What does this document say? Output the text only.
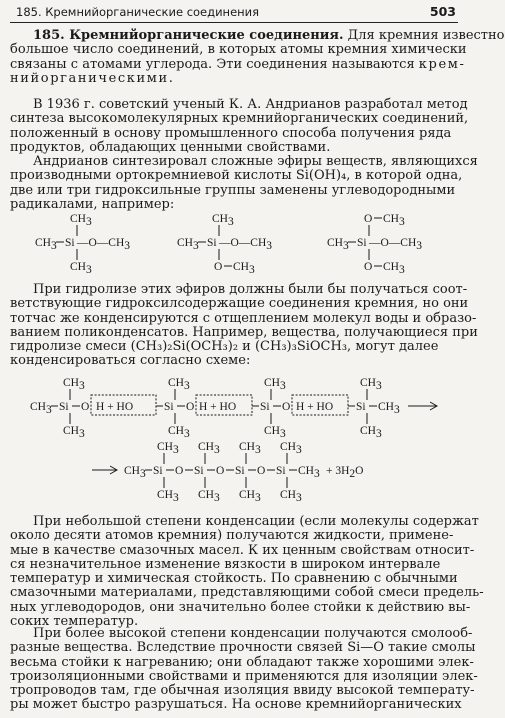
185. Кремнийорганические соединения	503
185. Кремнийорганические соединения. Для кремния известно
большое число соединений, в которых атомы кремния химически
связаны с атомами углерода. Эти соединения называются крем-
нийорганическими.
В 1936 г. советский ученый К. А. Андрианов разработал метод
синтеза высокомолекулярных кремнийорганических соединений,
положенный в основу промышленного способа получения ряда
продуктов, обладающих ценными свойствами.
Андрианов синтезировал сложные эфиры веществ, являющихся
производными ортокремниевой кислоты Si(OH)₄, в которой одна,
две или три гидроксильные группы заменены углеводородными
радикалами, например:
При гидролизе этих эфиров должны были бы получаться соот-
ветствующие гидроксилсодержащие соединения кремния, но они
тотчас же конденсируются с отщеплением молекул воды и образо-
ванием поликонденсатов. Например, вещества, получающиеся при
гидролизе смеси (CH₃)₂Si(OCH₃)₂ и (CH₃)₃SiOCH₃, могут далее
конденсироваться согласно схеме:
При небольшой степени конденсации (если молекулы содержат
около десяти атомов кремния) получаются жидкости, примене-
мые в качестве смазочных масел. К их ценным свойствам относит-
ся незначительное изменение вязкости в широком интервале
температур и химическая стойкость. По сравнению с обычными
смазочными материалами, представляющими собой смеси предель-
ных углеводородов, они значительно более стойки к действию вы-
соких температур.
При более высокой степени конденсации получаются смолооб-
разные вещества. Вследствие прочности связей Si—O такие смолы
весьма стойки к нагреванию; они обладают также хорошими элек-
троизоляционными свойствами и применяются для изоляции элек-
тропроводов там, где обычная изоляция ввиду высокой температу-
ры может быстро разрушаться. На основе кремнийорганических
CH3
CH3 Si —O—CH3
CH3
CH3
CH3 Si —O—CH3
O CH3
O CH3
CH3 Si —O—CH3
O CH3
CH3 Si
CH3
CH3
O H + HO	Si
CH3
CH3
O H + HO Si
CH3
CH3
O H + HO Si
CH3
CH3
CH3
CH3 Si
CH3
CH3
O Si
CH3
CH3
O Si
CH3
CH3
O Si
CH3
CH3
CH3 + 3H2O
